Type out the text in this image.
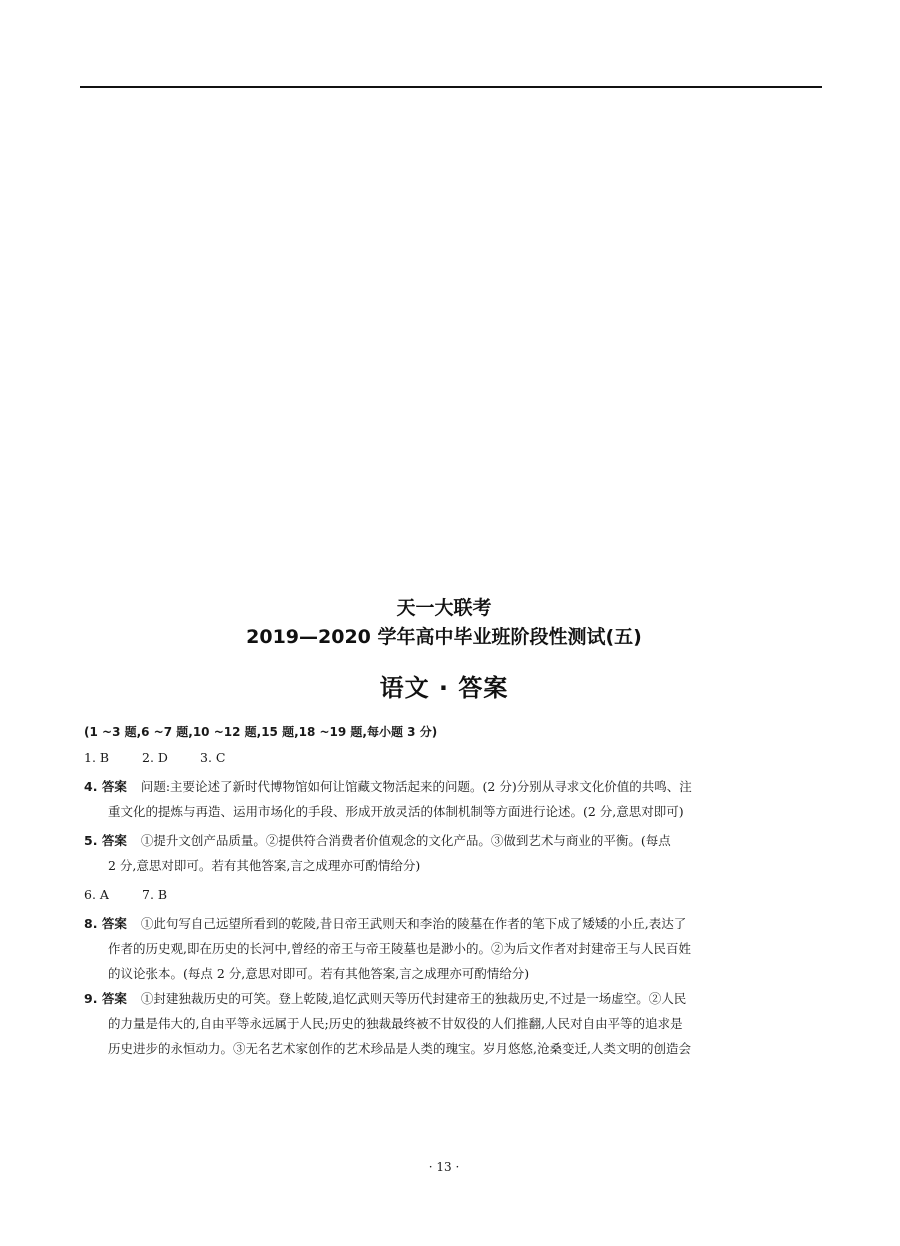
天一大联考
2019—2020 学年高中毕业班阶段性测试(五)
语文 · 答案
(1 ~3 题,6 ~7 题,10 ~12 题,15 题,18 ~19 题,每小题 3 分)
1. B	2. D	3. C

4. 答案 问题:主要论述了新时代博物馆如何让馆藏文物活起来的问题。(2 分)分别从寻求文化价值的共鸣、注

重文化的提炼与再造、运用市场化的手段、形成开放灵活的体制机制等方面进行论述。(2 分,意思对即可)

5. 答案 ①提升文创产品质量。②提供符合消费者价值观念的文化产品。③做到艺术与商业的平衡。(每点

2 分,意思对即可。若有其他答案,言之成理亦可酌情给分)

6. A	7. B

8. 答案 ①此句写自己远望所看到的乾陵,昔日帝王武则天和李治的陵墓在作者的笔下成了矮矮的小丘,表达了

作者的历史观,即在历史的长河中,曾经的帝王与帝王陵墓也是渺小的。②为后文作者对封建帝王与人民百姓

的议论张本。(每点 2 分,意思对即可。若有其他答案,言之成理亦可酌情给分)

9. 答案 ①封建独裁历史的可笑。登上乾陵,追忆武则天等历代封建帝王的独裁历史,不过是一场虚空。②人民

的力量是伟大的,自由平等永远属于人民;历史的独裁最终被不甘奴役的人们推翻,人民对自由平等的追求是

历史进步的永恒动力。③无名艺术家创作的艺术珍品是人类的瑰宝。岁月悠悠,沧桑变迁,人类文明的创造会

· 13 ·
